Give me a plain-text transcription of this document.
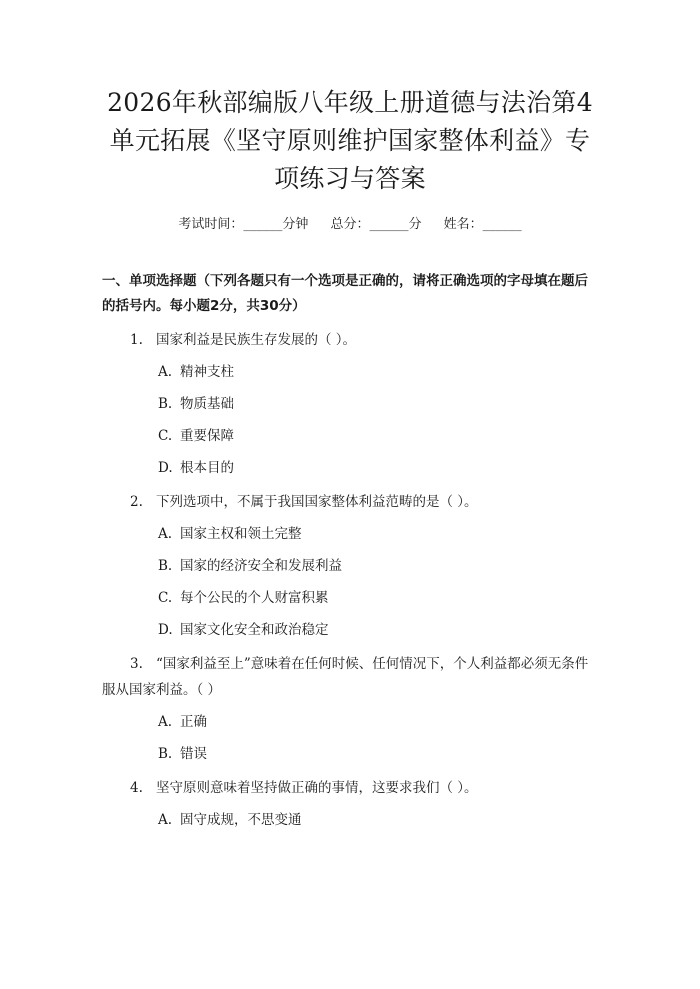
2026年秋部编版八年级上册道德与法治第4
单元拓展《坚守原则维护国家整体利益》专
项练习与答案
考试时间：______分钟 总分：______分 姓名：______
一、单项选择题（下列各题只有一个选项是正确的，请将正确选项的字母填在题后的括号内。每小题2分，共30分）
1. 国家利益是民族生存发展的（ ）。
A. 精神支柱
B. 物质基础
C. 重要保障
D. 根本目的
2. 下列选项中，不属于我国国家整体利益范畴的是（ ）。
A. 国家主权和领土完整
B. 国家的经济安全和发展利益
C. 每个公民的个人财富积累
D. 国家文化安全和政治稳定
3. “国家利益至上”意味着在任何时候、任何情况下，个人利益都必须无条件服从国家利益。（ ）
A. 正确
B. 错误
4. 坚守原则意味着坚持做正确的事情，这要求我们（ ）。
A. 固守成规，不思变通
